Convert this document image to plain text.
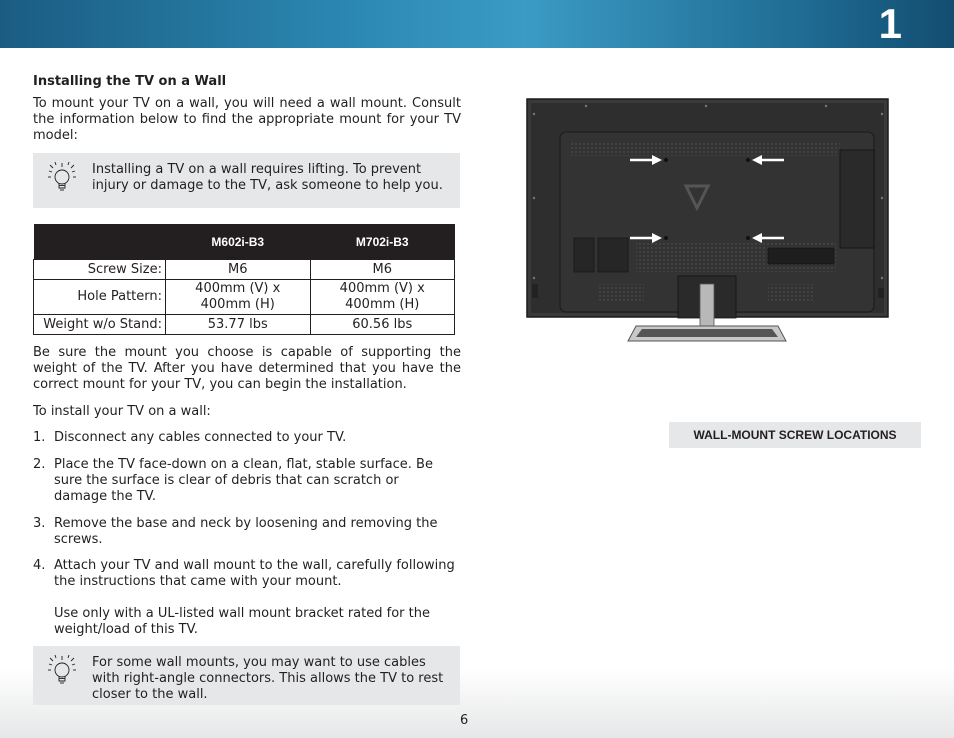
1
Installing the TV on a Wall
To mount your TV on a wall, you will need a wall mount. Consult the information below to find the appropriate mount for your TV model:
Installing a TV on a wall requires lifting. To prevent injury or damage to the TV, ask someone to help you.
	M602i-B3	M702i-B3
Screw Size:	M6	M6
Hole Pattern:	400mm (V) x 400mm (H)	400mm (V) x 400mm (H)
Weight w/o Stand:	53.77 lbs	60.56 lbs
Be sure the mount you choose is capable of supporting the weight of the TV. After you have determined that you have the correct mount for your TV, you can begin the installation.
To install your TV on a wall:
1. Disconnect any cables connected to your TV.
2. Place the TV face-down on a clean, flat, stable surface. Be sure the surface is clear of debris that can scratch or damage the TV.
3. Remove the base and neck by loosening and removing the screws.
4. Attach your TV and wall mount to the wall, carefully following the instructions that came with your mount.
Use only with a UL-listed wall mount bracket rated for the weight/load of this TV.
For some wall mounts, you may want to use cables with right-angle connectors. This allows the TV to rest closer to the wall.
WALL-MOUNT SCREW LOCATIONS
6
